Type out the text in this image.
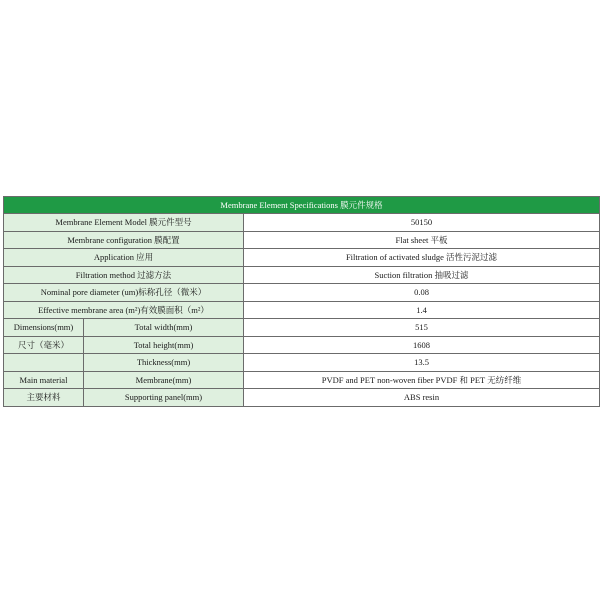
Membrane Element Specifications 膜元件规格		
Membrane Element Model 膜元件型号		50150
Membrane configuration 膜配置		Flat sheet 平板
Application 应用		Filtration of activated sludge 活性污泥过滤
Filtration method 过滤方法		Suction filtration 抽吸过滤
Nominal pore diameter (um)标称孔径（微米）		0.08
Effective membrane area (m²)有效膜面积（m²）		1.4
Dimensions(mm)	Total width(mm)	515
尺寸（毫米）	Total height(mm)	1608
	Thickness(mm)	13.5
Main material	Membrane(mm)	PVDF and PET non-woven fiber PVDF 和 PET 无纺纤维
主要材料	Supporting panel(mm)	ABS resin
